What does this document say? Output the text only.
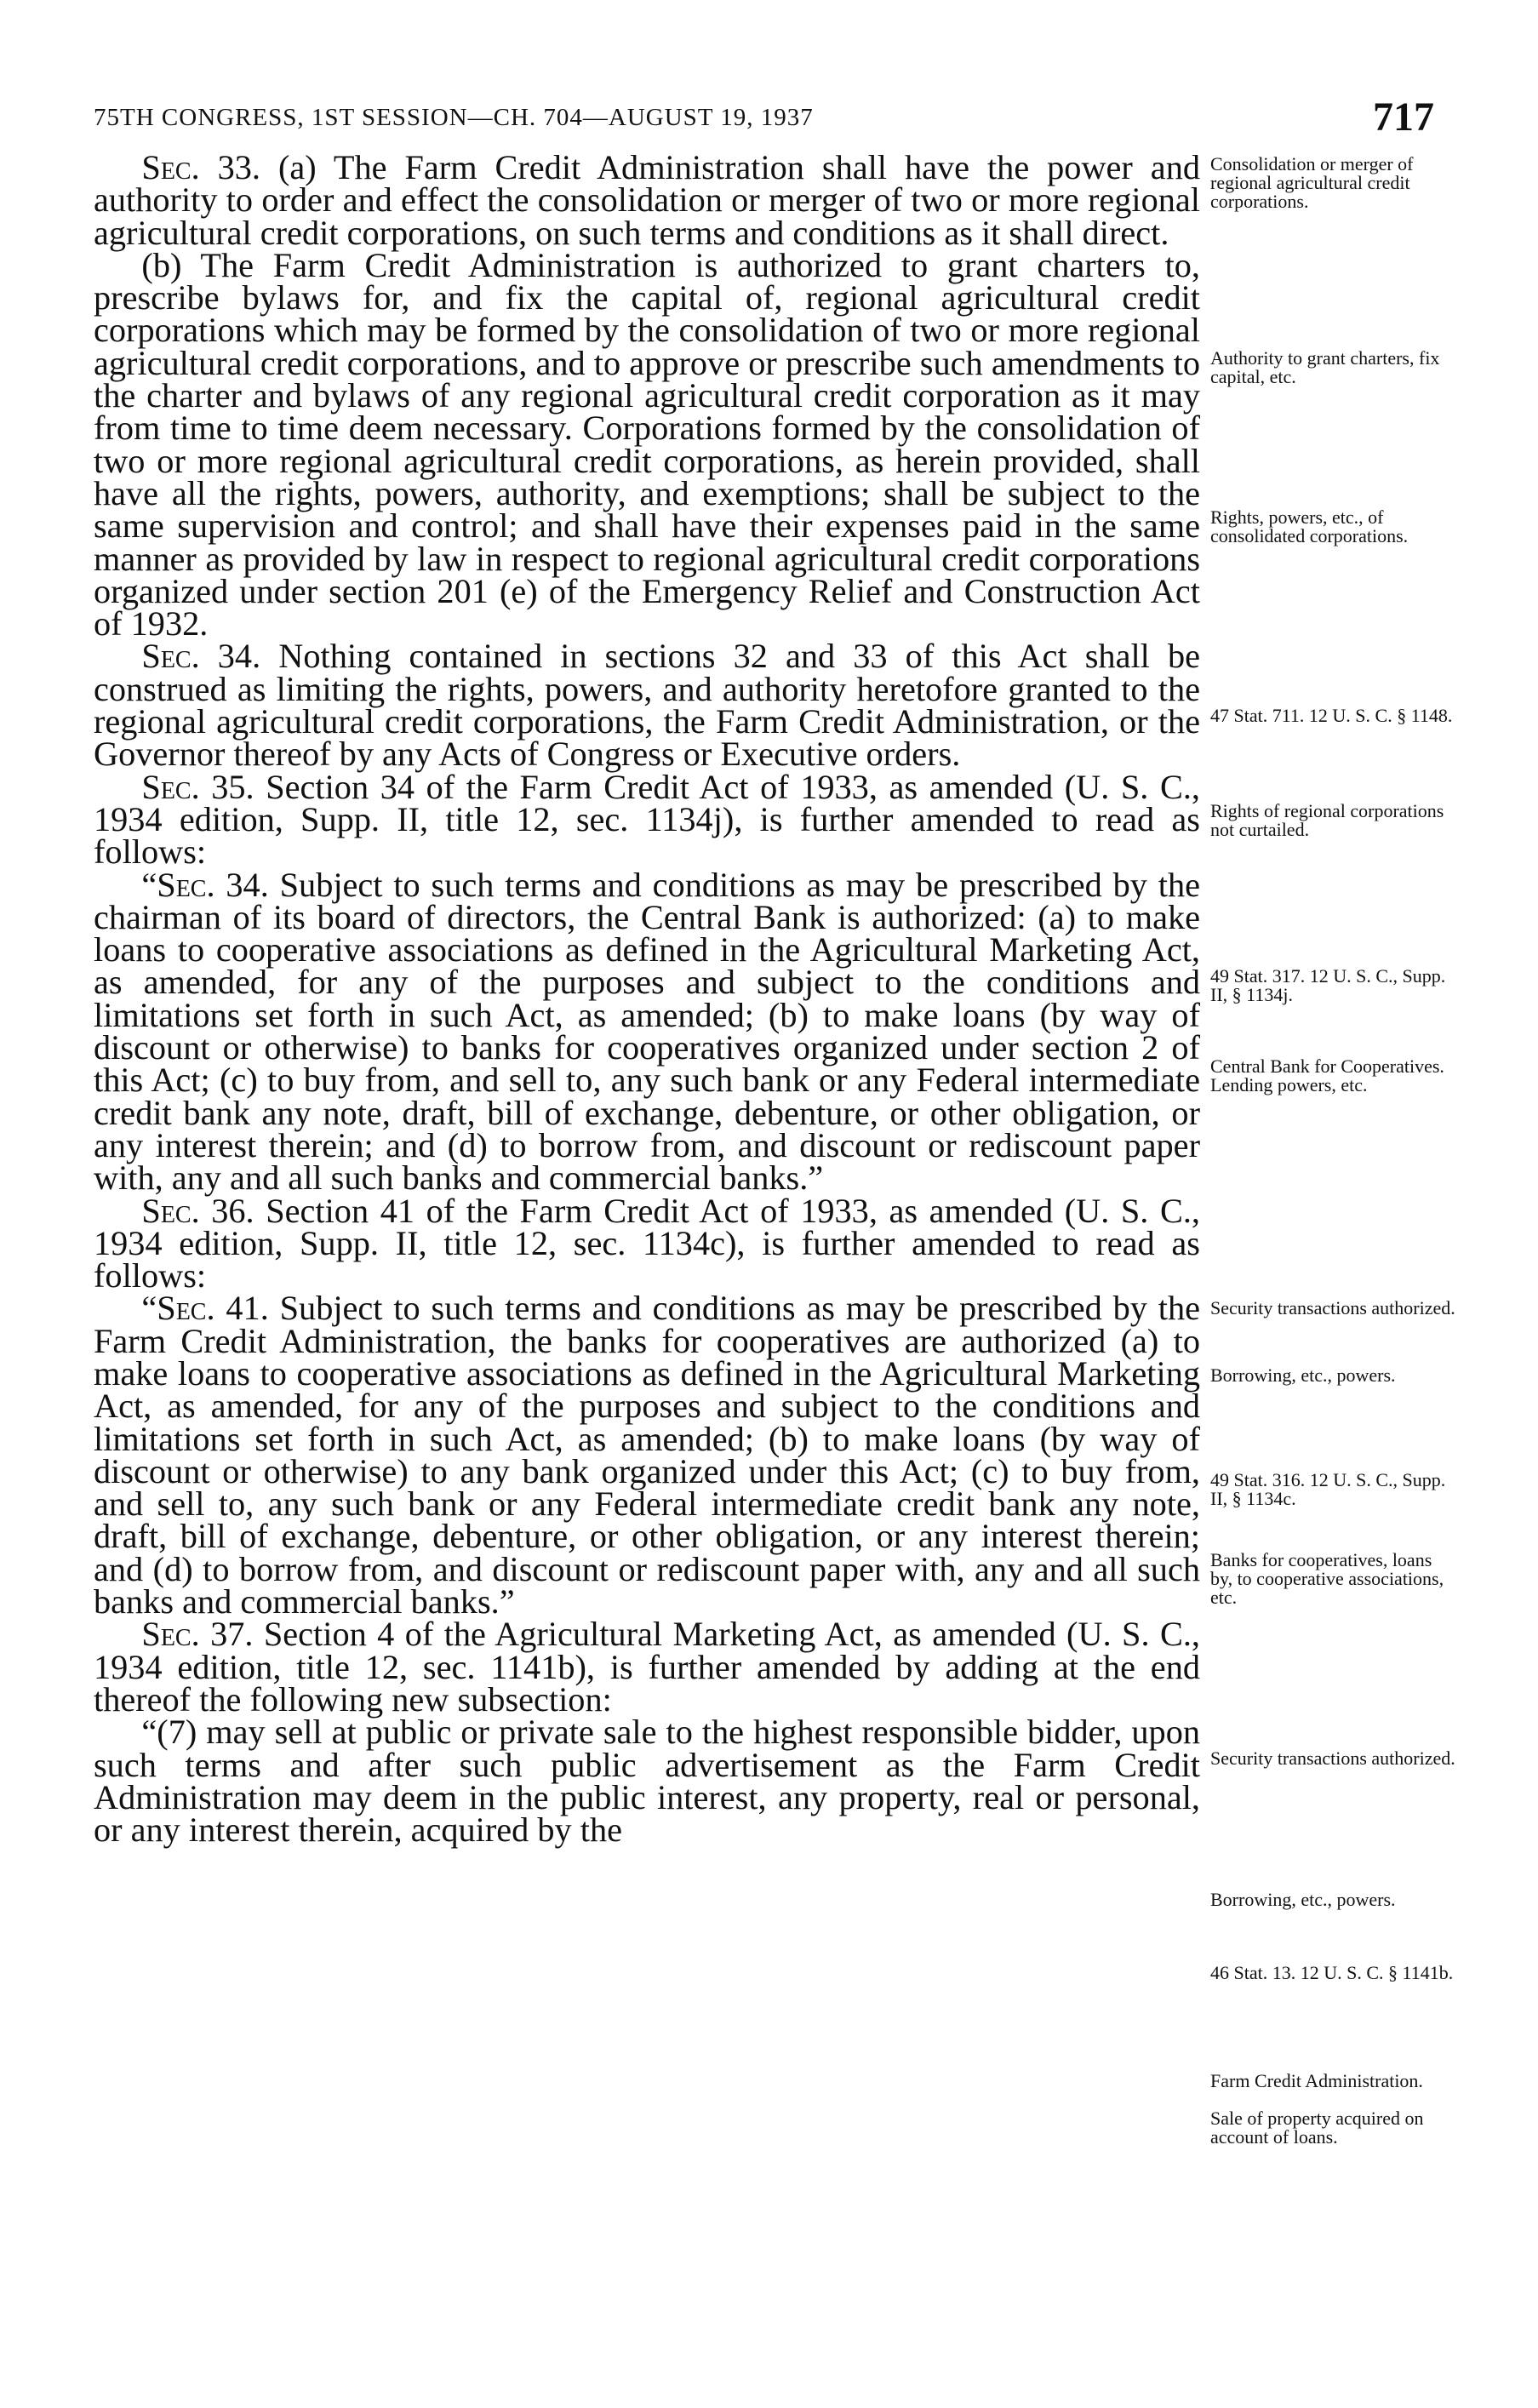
75TH CONGRESS, 1ST SESSION—CH. 704—AUGUST 19, 1937	717

Sec. 33. (a) The Farm Credit Administration shall have the power and authority to order and effect the consolidation or merger of two or more regional agricultural credit corporations, on such terms and conditions as it shall direct.

(b) The Farm Credit Administration is authorized to grant charters to, prescribe bylaws for, and fix the capital of, regional agricultural credit corporations which may be formed by the consolidation of two or more regional agricultural credit corporations, and to approve or prescribe such amendments to the charter and bylaws of any regional agricultural credit corporation as it may from time to time deem necessary. Corporations formed by the consolidation of two or more regional agricultural credit corporations, as herein provided, shall have all the rights, powers, authority, and exemptions; shall be subject to the same supervision and control; and shall have their expenses paid in the same manner as provided by law in respect to regional agricultural credit corporations organized under section 201 (e) of the Emergency Relief and Construction Act of 1932.

Sec. 34. Nothing contained in sections 32 and 33 of this Act shall be construed as limiting the rights, powers, and authority heretofore granted to the regional agricultural credit corporations, the Farm Credit Administration, or the Governor thereof by any Acts of Congress or Executive orders.

Sec. 35. Section 34 of the Farm Credit Act of 1933, as amended (U. S. C., 1934 edition, Supp. II, title 12, sec. 1134j), is further amended to read as follows:

“Sec. 34. Subject to such terms and conditions as may be prescribed by the chairman of its board of directors, the Central Bank is authorized: (a) to make loans to cooperative associations as defined in the Agricultural Marketing Act, as amended, for any of the purposes and subject to the conditions and limitations set forth in such Act, as amended; (b) to make loans (by way of discount or otherwise) to banks for cooperatives organized under section 2 of this Act; (c) to buy from, and sell to, any such bank or any Federal intermediate credit bank any note, draft, bill of exchange, debenture, or other obligation, or any interest therein; and (d) to borrow from, and discount or rediscount paper with, any and all such banks and commercial banks.”

Sec. 36. Section 41 of the Farm Credit Act of 1933, as amended (U. S. C., 1934 edition, Supp. II, title 12, sec. 1134c), is further amended to read as follows:

“Sec. 41. Subject to such terms and conditions as may be prescribed by the Farm Credit Administration, the banks for cooperatives are authorized (a) to make loans to cooperative associations as defined in the Agricultural Marketing Act, as amended, for any of the purposes and subject to the conditions and limitations set forth in such Act, as amended; (b) to make loans (by way of discount or otherwise) to any bank organized under this Act; (c) to buy from, and sell to, any such bank or any Federal intermediate credit bank any note, draft, bill of exchange, debenture, or other obligation, or any interest therein; and (d) to borrow from, and discount or rediscount paper with, any and all such banks and commercial banks.”

Sec. 37. Section 4 of the Agricultural Marketing Act, as amended (U. S. C., 1934 edition, title 12, sec. 1141b), is further amended by adding at the end thereof the following new subsection:

“(7) may sell at public or private sale to the highest responsible bidder, upon such terms and after such public advertisement as the Farm Credit Administration may deem in the public interest, any property, real or personal, or any interest therein, acquired by the

Consolidation or merger of regional agricultural credit corporations.
Authority to grant charters, fix capital, etc.
Rights, powers, etc., of consolidated corporations.
47 Stat. 711. 12 U. S. C. § 1148.
Rights of regional corporations not curtailed.
49 Stat. 317. 12 U. S. C., Supp. II, § 1134j.
Central Bank for Cooperatives. Lending powers, etc.
Security transactions authorized.
Borrowing, etc., powers.
49 Stat. 316. 12 U. S. C., Supp. II, § 1134c.
Banks for cooperatives, loans by, to cooperative associations, etc.
Security transactions authorized.
Borrowing, etc., powers.
46 Stat. 13. 12 U. S. C. § 1141b.
Farm Credit Administration.
Sale of property acquired on account of loans.
